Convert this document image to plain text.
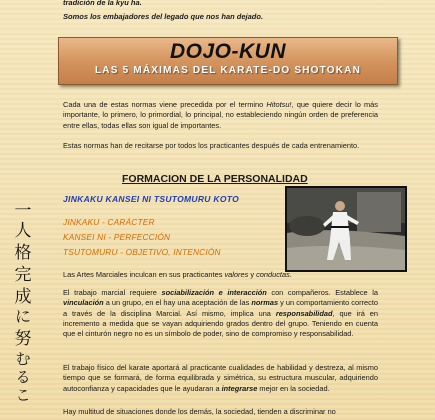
tradición de la kyu ha.
Somos los embajadores del legado que nos han dejado.
DOJO-KUN
LAS 5 MÁXIMAS DEL KARATE-DO SHOTOKAN
Cada una de estas normas viene precedida por el termino Hitotsu!, que quiere decir lo más importante, lo primero, lo primordial, lo principal, no estableciendo ningún orden de preferencia entre ellas, todas ellas son igual de importantes.
Estas normas han de recitarse por todos los practicantes después de cada entrenamiento.
FORMACION DE LA PERSONALIDAD
JINKAKU KANSEI NI TSUTOMURU KOTO
JINKAKU - CARÁCTER
KANSEI NI - PERFECCIÓN
TSUTOMURU - OBJETIVO, INTENCIÓN
Las Artes Marciales inculcan en sus practicantes valores y conductas.
El trabajo marcial requiere sociabilización e interacción con compañeros. Establece la vinculación a un grupo, en el hay una aceptación de las normas y un comportamiento correcto a través de la disciplina Marcial. Así mismo, implica una responsabilidad, que irá en incremento a medida que se vayan adquiriendo grados dentro del grupo. Teniendo en cuenta que el cinturón negro no es un símbolo de poder, sino de compromiso y responsabilidad.
El trabajo físico del karate aportará al practicante cualidades de habilidad y destreza, al mismo tiempo que se formará, de forma equilibrada y simétrica, su estructura muscular, adquiriendo autoconfianza y capacidades que le ayudaran a integrarse mejor en la sociedad.
Hay multitud de situaciones donde los demás, la sociedad, tienden a discriminar no
一
人
格
完
成
に
努
む
る
こ
